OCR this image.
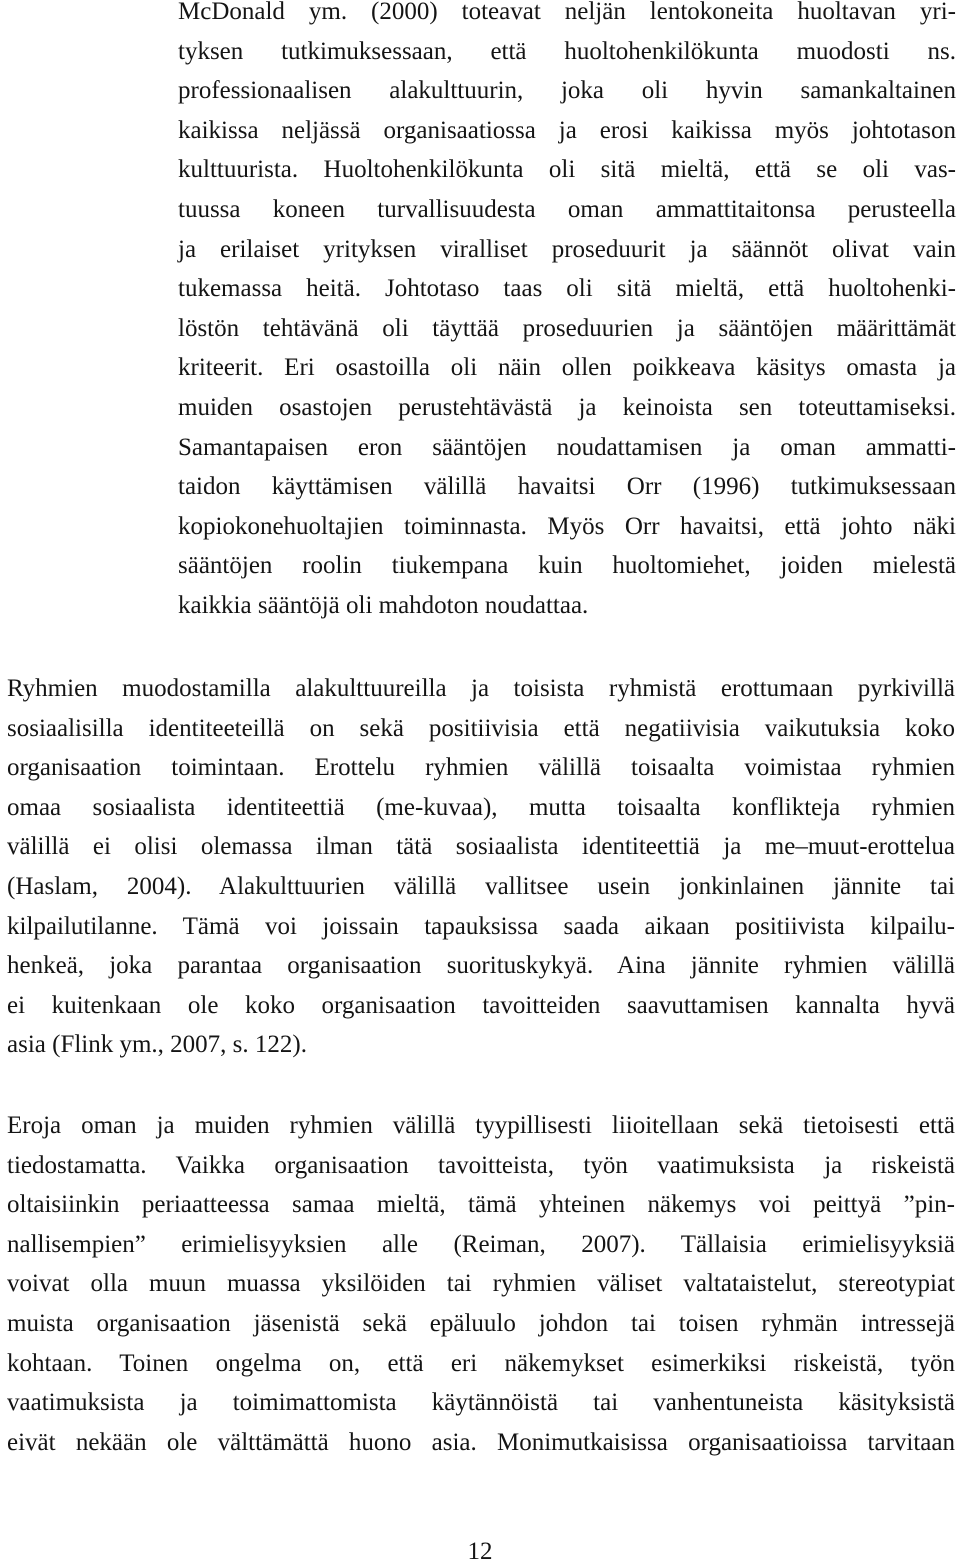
McDonald ym. (2000) toteavat neljän lentokoneita huoltavan yri-
tyksen tutkimuksessaan, että huoltohenkilökunta muodosti ns.
professionaalisen alakulttuurin, joka oli hyvin samankaltainen
kaikissa neljässä organisaatiossa ja erosi kaikissa myös johtotason
kulttuurista. Huoltohenkilökunta oli sitä mieltä, että se oli vas-
tuussa koneen turvallisuudesta oman ammattitaitonsa perusteella
ja erilaiset yrityksen viralliset proseduurit ja säännöt olivat vain
tukemassa heitä. Johtotaso taas oli sitä mieltä, että huoltohenki-
löstön tehtävänä oli täyttää proseduurien ja sääntöjen määrittämät
kriteerit. Eri osastoilla oli näin ollen poikkeava käsitys omasta ja
muiden osastojen perustehtävästä ja keinoista sen toteuttamiseksi.
Samantapaisen eron sääntöjen noudattamisen ja oman ammatti-
taidon käyttämisen välillä havaitsi Orr (1996) tutkimuksessaan
kopiokonehuoltajien toiminnasta. Myös Orr havaitsi, että johto näki
sääntöjen roolin tiukempana kuin huoltomiehet, joiden mielestä
kaikkia sääntöjä oli mahdoton noudattaa.
Ryhmien muodostamilla alakulttuureilla ja toisista ryhmistä erottumaan pyrkivillä
sosiaalisilla identiteeteillä on sekä positiivisia että negatiivisia vaikutuksia koko
organisaation toimintaan. Erottelu ryhmien välillä toisaalta voimistaa ryhmien
omaa sosiaalista identiteettiä (me-kuvaa), mutta toisaalta konflikteja ryhmien
välillä ei olisi olemassa ilman tätä sosiaalista identiteettiä ja me–muut-erottelua
(Haslam, 2004). Alakulttuurien välillä vallitsee usein jonkinlainen jännite tai
kilpailutilanne. Tämä voi joissain tapauksissa saada aikaan positiivista kilpailu-
henkeä, joka parantaa organisaation suorituskykyä. Aina jännite ryhmien välillä
ei kuitenkaan ole koko organisaation tavoitteiden saavuttamisen kannalta hyvä
asia (Flink ym., 2007, s. 122).
Eroja oman ja muiden ryhmien välillä tyypillisesti liioitellaan sekä tietoisesti että
tiedostamatta. Vaikka organisaation tavoitteista, työn vaatimuksista ja riskeistä
oltaisiinkin periaatteessa samaa mieltä, tämä yhteinen näkemys voi peittyä ”pin-
nallisempien” erimielisyyksien alle (Reiman, 2007). Tällaisia erimielisyyksiä
voivat olla muun muassa yksilöiden tai ryhmien väliset valtataistelut, stereotypiat
muista organisaation jäsenistä sekä epäluulo johdon tai toisen ryhmän intressejä
kohtaan. Toinen ongelma on, että eri näkemykset esimerkiksi riskeistä, työn
vaatimuksista ja toimimattomista käytännöistä tai vanhentuneista käsityksistä
eivät nekään ole välttämättä huono asia. Monimutkaisissa organisaatioissa tarvitaan
12
